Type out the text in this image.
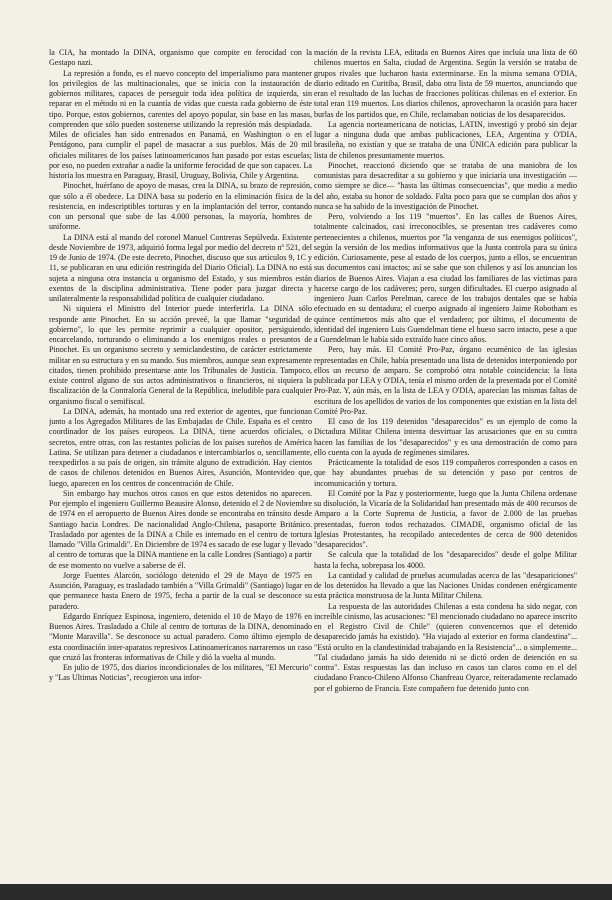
la CIA, ha montado la DINA, organismo que compite en ferocidad con la Gestapo nazi.

La represión a fondo, es el nuevo concepto del imperialismo para mantener los privilegios de las multinacionales, que se inicia con la instauración de gobiernos militares, capaces de perseguir toda idea política de izquierda, sin reparar en el método ni en la cuantía de vidas que cuesta cada gobierno de éste tipo. Porque, estos gobiernos, carentes del apoyo popular, sin base en las masas, comprenden que sólo pueden sostenerse utilizando la represión más despiadada. Miles de oficiales han sido entrenados en Panamá, en Washington o en el Pentágono, para cumplir el papel de masacrar a sus pueblos. Más de 20 mil oficiales militares de los países latinoamericanos han pasado por estas escuelas; por eso, no pueden extrañar a nadie la uniforme ferocidad de que son capaces. La historia los muestra en Paraguay, Brasil, Uruguay, Bolivia, Chile y Argentina.

Pinochet, huérfano de apoyo de masas, crea la DINA, su brazo de represión, que sólo a él obedece. La DINA basa su poderío en la eliminación física de la resistencia, en indescriptibles torturas y en la implantación del terror, contando con un personal que sube de las 4.000 personas, la mayoría, hombres de uniforme.

La DINA está al mando del coronel Manuel Contreras Sepúlveda. Existente desde Noviembre de 1973, adquirió forma legal por medio del decreto nº 521, del 19 de Junio de 1974. (De este decreto, Pinochet, discuso que sus artículos 9, 1C y 11, se publicaran en una edición restringida del Diario Oficial). La DINA no está sujeta a ninguna otra instancia u organismo del Estado, y sus miembros están exentos de la disciplina administrativa. Tiene poder para juzgar directa y unilateralmente la responsabilidad política de cualquier ciudadano.

Ni siquiera el Ministro del Interior puede interferirla. La DINA sólo responde ante Pinochet. En su acción preveé, la que llamar "seguridad de gobierno", lo que les permite reprimir a cualquier opositor, persiguiendo, encarcelando, torturando o eliminando a los enemigos reales o presuntos de Pinochet. Es un organismo secreto y semiclandestino, de carácter estrictamente militar en su estructura y en su mando. Sus miembros, aunque sean expresamente citados, tienen prohibido presentarse ante los Tribunales de Justicia. Tampoco, existe control alguno de sus actos administrativos o financieros, ni siquiera la fiscalización de la Contraloría General de la República, ineludible para cualquier organismo fiscal o semifiscal.

La DINA, además, ha montado una red exterior de agentes, que funcionan junto a los Agregados Militares de las Embajadas de Chile. España es el centro coordinador de los países europeos. La DINA, tiene acuerdos oficiales, o secretos, entre otras, con las restantes policías de los países sureños de América Latina. Se utilizan para detener a ciudadanos e intercambiarlos o, sencillamente, reexpedirlos a su país de origen, sin trámite alguno de extradición. Hay cientos de casos de chilenos detenidos en Buenos Aires, Asunción, Montevideo que, luego, aparecen en los centros de concentración de Chile.

Sin embargo hay muchos otros casos en que estos detenidos no aparecen. Por ejemplo el ingeniero Guillermo Beausire Alonso, detenido el 2 de Noviembre de 1974 en el aeropuerto de Buenos Aires donde se encontraba en tránsito desde Santiago hacia Londres. De nacionalidad Anglo-Chilena, pasaporte Británico. Trasladado por agentes de la DINA a Chile es internado en el centro de tortura llamado "Villa Grimaldi". En Diciembre de 1974 es sacado de ese lugar y llevado al centro de torturas que la DINA mantiene en la calle Londres (Santiago) a partir de ese momento no vuelve a saberse de él.

Jorge Fuentes Alarcón, sociólogo detenido el 29 de Mayo de 1975 en Asunción, Paraguay, es trasladado también a "Villa Grimaldi" (Santiago) lugar en que permanece hasta Enero de 1975, fecha a partir de la cual se desconoce su paradero.

Edgardo Enríquez Espinosa, ingeniero, detenido el 10 de Mayo de 1976 en Buenos Aires. Trasladado a Chile al centro de torturas de la DINA, denominado "Monte Maravilla". Se desconoce su actual paradero. Como último ejemplo de esta coordinación inter-aparatos represivos Latinoamericanos narraremos un caso que cruzó las fronteras informativas de Chile y dió la vuelta al mundo.

En julio de 1975, dos diarios incondicionales de los militares, "El Mercurio" y "Las Ultimas Noticias", recogieron una infor-

mación de la revista LEA, editada en Buenos Aires que incluía una lista de 60 chilenos muertos en Salta, ciudad de Argentina. Según la versión se trataba de grupos rivales que lucharon hasta exterminarse. En la misma semana O'DIA, diario editado en Curitiba, Brasil, daba otra lista de 59 muertos, anunciando que eran el resultado de las luchas de fracciones políticas chilenas en el exterior. En total eran 119 muertos. Los diarios chilenos, aprovecharon la ocasión para hacer burlas de los partidos que, en Chile, reclamaban noticias de los desaparecidos.

La agencia norteamericana de noticias, LATIN, investigó y probó sin dejar lugar a ninguna duda que ambas publicaciones, LEA, Argentina y O'DIA, brasileña, no existían y que se trataba de una ÚNICA edición para publicar la lista de chilenos presuntamente muertos.

Pinochet, reaccionó diciendo que se trataba de una maniobra de los comunistas para desacreditar a su gobierno y que iniciaría una investigación —como siempre se dice— "hasta las últimas consecuencias", que medio a medio del año, estaba su honor de soldado. Falta poco para que se cumplan dos años y nunca se ha sabido de la investigación de Pinochet.

Pero, volviendo a los 119 "muertos". En las calles de Buenos Aires, totalmente calcinados, casi irreconocibles, se presentan tres cadáveres como pertenecientes a chilenos, muertos por "la venganza de sus enemigos políticos", según la versión de los medios informativos que la Junta controla para su única edición. Curiosamente, pese al estado de los cuerpos, junto a ellos, se encuentran sus documentos casi intactos; así se sabe que son chilenos y así los anuncian los diarios de Buenos Aires. Viajan a esa ciudad los familiares de las víctimas para hacerse cargo de los cadáveres; pero, surgen dificultades. El cuerpo asignado al ingeniero Juan Carlos Perelman, carece de los trabajos dentales que se había efectuado en su dentadura; el cuerpo asignado al ingeniero Jaime Robotham es quince centímetros más alto que el verdadero; por último, el documento de identidad del ingeniero Luis Guendelman tiene el hueso sacro intacto, pese a que a Guendelman le había sido extraído hace cinco años.

Pero, hay más. El Comité Pro-Paz, órgano ecuménico de las iglesias representadas en Chile, había presentado una lista de detenidos interponiendo por ellos un recurso de amparo. Se comprobó otra notable coincidencia: la lista publicada por LEA y O'DIA, tenía el mismo orden de la presentada por el Comité Pro-Paz. Y, aún más, en la lista de LEA y O'DIA, aparecían las mismas faltas de escritura de los apellidos de varios de los componentes que existían en la lista del Comité Pro-Paz.

El caso de los 119 detenidos "desaparecidos" es un ejemplo de como la Dictadura Militar Chilena intenta desvirtuar las acusaciones que en su contra hacen las familias de los "desaparecidos" y es una demostración de como para ello cuenta con la ayuda de regímenes similares.

Prácticamente la totalidad de esos 119 compañeros corresponden a casos en que hay abundantes pruebas de su detención y paso por centros de incomunicación y tortura.

El Comité por la Paz y posteriormente, luego que la Junta Chilena ordenase su disolución, la Vicaría de la Solidaridad han presentado más de 400 recursos de Amparo a la Corte Suprema de Justicia, a favor de 2.000 de las pruebas presentadas, fueron todos rechazados. CIMADE, organismo oficial de las Iglesias Protestantes, ha recopilado antecedentes de cerca de 900 detenidos "desaparecidos".

Se calcula que la totalidad de los "desaparecidos" desde el golpe Militar hasta la fecha, sobrepasa los 4000.

La cantidad y calidad de pruebas acumuladas acerca de las "desapariciones" de los detenidos ha llevado a que las Naciones Unidas condenen enérgicamente esta práctica monstruosa de la Junta Militar Chilena.

La respuesta de las autoridades Chilenas a esta condena ha sido negar, con increíble cinismo, las acusaciones: "El mencionado ciudadano no aparece inscrito en el Registro Civil de Chile" (quieren convencernos que el detenido desaparecido jamás ha existido). "Ha viajado al exterior en forma clandestina"... "Está oculto en la clandestinidad trabajando en la Resistencia"... o simplemente... "Tal ciudadano jamás ha sido detenido ni se dictó orden de detención en su contra". Estas respuestas las dan incluso en casos tan claros como en el del ciudadano Franco-Chileno Alfonso Chanfreau Oyarce, reiteradamente reclamado por el gobierno de Francia. Este compañero fue detenido junto con
